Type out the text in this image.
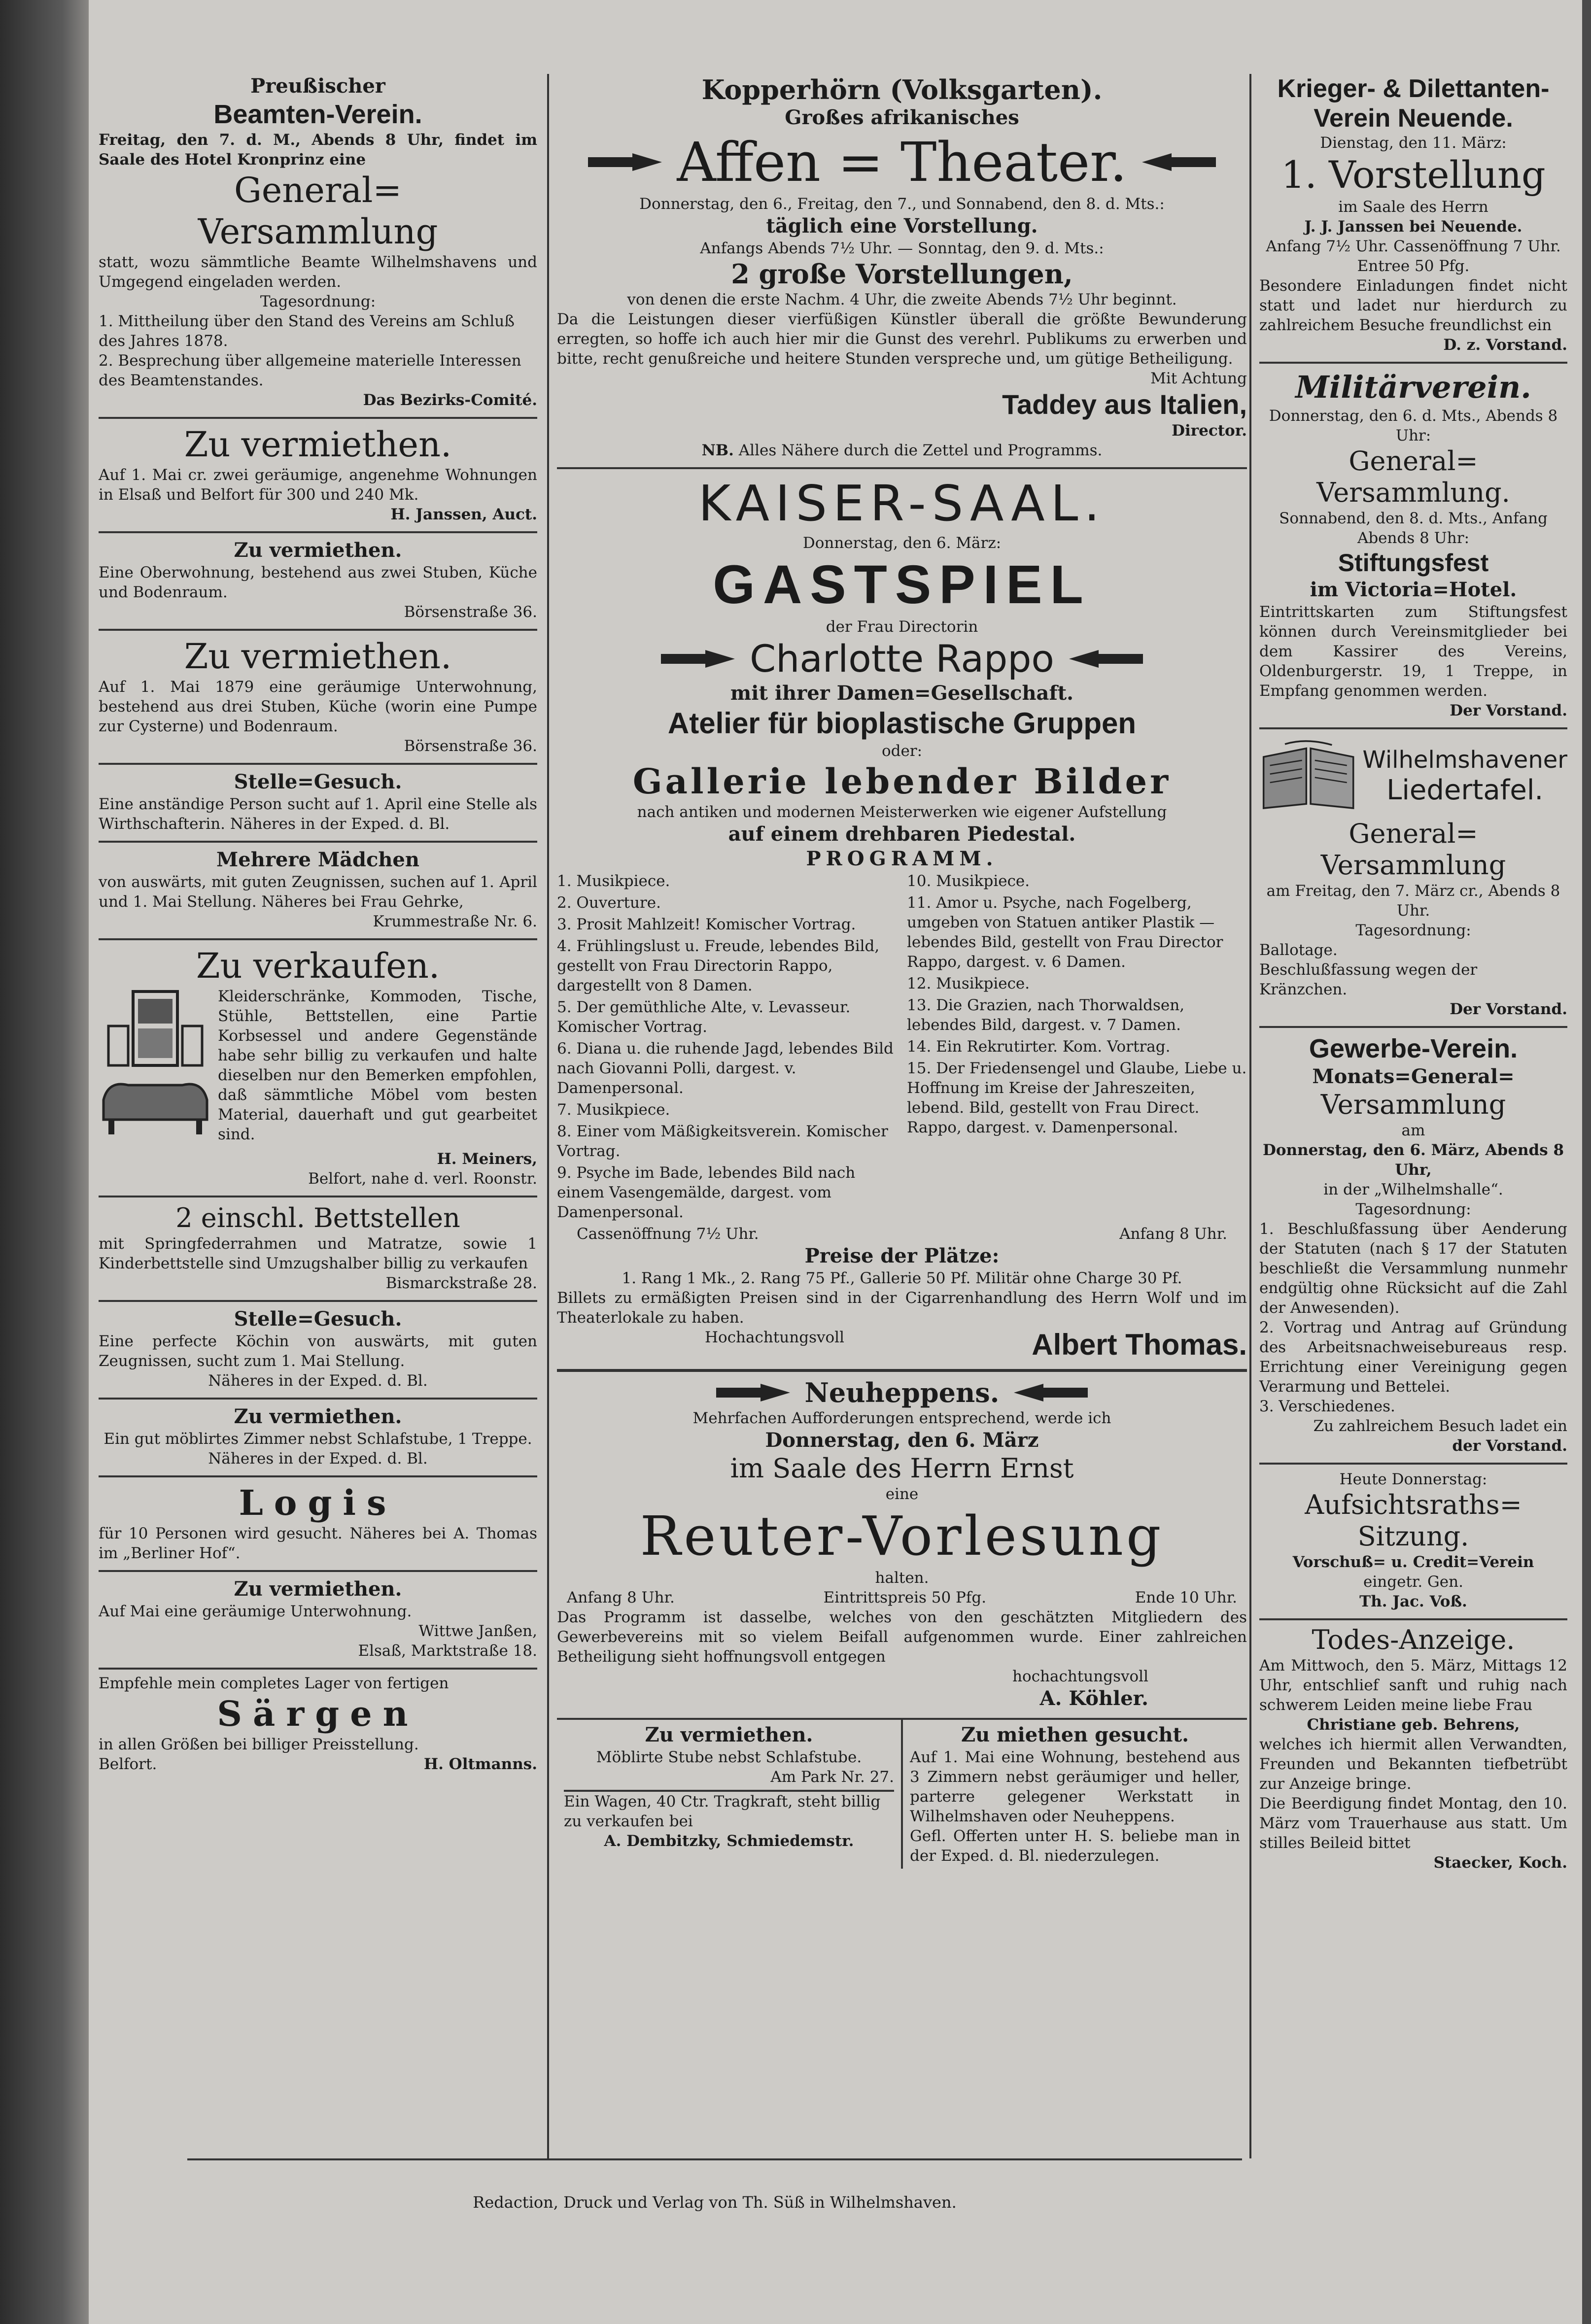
Preußischer
Beamten-Verein.
Freitag, den 7. d. M., Abends 8 Uhr, findet im Saale des Hotel Kronprinz eine
General=
Versammlung
statt, wozu sämmtliche Beamte Wilhelmshavens und Umgegend eingeladen werden.
Tagesordnung:
1. Mittheilung über den Stand des Vereins am Schluß des Jahres 1878.
2. Besprechung über allgemeine materielle Interessen des Beamtenstandes.
Das Bezirks-Comité.
Zu vermiethen.
Auf 1. Mai cr. zwei geräumige, angenehme Wohnungen in Elsaß und Belfort für 300 und 240 Mk.
H. Janssen, Auct.
Zu vermiethen.
Eine Oberwohnung, bestehend aus zwei Stuben, Küche und Bodenraum.
Börsenstraße 36.
Zu vermiethen.
Auf 1. Mai 1879 eine geräumige Unterwohnung, bestehend aus drei Stuben, Küche (worin eine Pumpe zur Cysterne) und Bodenraum.
Börsenstraße 36.
Stelle=Gesuch.
Eine anständige Person sucht auf 1. April eine Stelle als Wirthschafterin. Näheres in der Exped. d. Bl.
Mehrere Mädchen
von auswärts, mit guten Zeugnissen, suchen auf 1. April und 1. Mai Stellung. Näheres bei Frau Gehrke,
Krummestraße Nr. 6.
Zu verkaufen.
Kleiderschränke, Kommoden, Tische, Stühle, Bettstellen, eine Partie Korbsessel und andere Gegenstände habe sehr billig zu verkaufen und halte dieselben nur den Bemerken empfohlen, daß sämmtliche Möbel vom besten Material, dauerhaft und gut gearbeitet sind.
H. Meiners,
Belfort, nahe d. verl. Roonstr.
2 einschl. Bettstellen
mit Springfederrahmen und Matratze, sowie 1 Kinderbettstelle sind Umzugshalber billig zu verkaufen
Bismarckstraße 28.
Stelle=Gesuch.
Eine perfecte Köchin von auswärts, mit guten Zeugnissen, sucht zum 1. Mai Stellung.
Näheres in der Exped. d. Bl.
Zu vermiethen.
Ein gut möblirtes Zimmer nebst Schlafstube, 1 Treppe.
Näheres in der Exped. d. Bl.
Logis
für 10 Personen wird gesucht. Näheres bei A. Thomas im „Berliner Hof“.
Zu vermiethen.
Auf Mai eine geräumige Unterwohnung.
Wittwe Janßen,
Elsaß, Marktstraße 18.
Empfehle mein completes Lager von fertigen
Särgen
in allen Größen bei billiger Preisstellung.
Belfort.	H. Oltmanns.
Kopperhörn (Volksgarten).
Großes afrikanisches
Affen = Theater.
Donnerstag, den 6., Freitag, den 7., und Sonnabend, den 8. d. Mts.:
täglich eine Vorstellung.
Anfangs Abends 7½ Uhr. — Sonntag, den 9. d. Mts.:
2 große Vorstellungen,
von denen die erste Nachm. 4 Uhr, die zweite Abends 7½ Uhr beginnt.
Da die Leistungen dieser vierfüßigen Künstler überall die größte Bewunderung erregten, so hoffe ich auch hier mir die Gunst des verehrl. Publikums zu erwerben und bitte, recht genußreiche und heitere Stunden verspreche und, um gütige Betheiligung.
Mit Achtung
Taddey aus Italien,
Director.
NB. Alles Nähere durch die Zettel und Programms.
KAISER-SAAL.
Donnerstag, den 6. März:
GASTSPIEL
der Frau Directorin
Charlotte Rappo
mit ihrer Damen=Gesellschaft.
Atelier für bioplastische Gruppen
oder:
Gallerie lebender Bilder
nach antiken und modernen Meisterwerken wie eigener Aufstellung
auf einem drehbaren Piedestal.
PROGRAMM.
1. Musikpiece.
2. Ouverture.
3. Prosit Mahlzeit! Komischer Vortrag.
4. Frühlingslust u. Freude, lebendes Bild, gestellt von Frau Directorin Rappo, dargestellt von 8 Damen.
5. Der gemüthliche Alte, v. Levasseur. Komischer Vortrag.
6. Diana u. die ruhende Jagd, lebendes Bild nach Giovanni Polli, dargest. v. Damenpersonal.
7. Musikpiece.
8. Einer vom Mäßigkeitsverein. Komischer Vortrag.
9. Psyche im Bade, lebendes Bild nach einem Vasengemälde, dargest. vom Damenpersonal.
10. Musikpiece.
11. Amor u. Psyche, nach Fogelberg, umgeben von Statuen antiker Plastik — lebendes Bild, gestellt von Frau Director Rappo, dargest. v. 6 Damen.
12. Musikpiece.
13. Die Grazien, nach Thorwaldsen, lebendes Bild, dargest. v. 7 Damen.
14. Ein Rekrutirter. Kom. Vortrag.
15. Der Friedensengel und Glaube, Liebe u. Hoffnung im Kreise der Jahreszeiten, lebend. Bild, gestellt von Frau Direct. Rappo, dargest. v. Damenpersonal.
Cassenöffnung 7½ Uhr.	Anfang 8 Uhr.
Preise der Plätze:
1. Rang 1 Mk., 2. Rang 75 Pf., Gallerie 50 Pf. Militär ohne Charge 30 Pf.
Billets zu ermäßigten Preisen sind in der Cigarrenhandlung des Herrn Wolf und im Theaterlokale zu haben.
Hochachtungsvoll	Albert Thomas.
Neuheppens.
Mehrfachen Aufforderungen entsprechend, werde ich
Donnerstag, den 6. März
im Saale des Herrn Ernst
eine
Reuter-Vorlesung
halten.
Anfang 8 Uhr.	Eintrittspreis 50 Pfg.	Ende 10 Uhr.
Das Programm ist dasselbe, welches von den geschätzten Mitgliedern des Gewerbevereins mit so vielem Beifall aufgenommen wurde. Einer zahlreichen Betheiligung sieht hoffnungsvoll entgegen
hochachtungsvoll
A. Köhler.
Zu vermiethen.
Möblirte Stube nebst Schlafstube.
Am Park Nr. 27.
Ein Wagen, 40 Ctr. Tragkraft, steht billig zu verkaufen bei
A. Dembitzky, Schmiedemstr.
Zu miethen gesucht.
Auf 1. Mai eine Wohnung, bestehend aus 3 Zimmern nebst geräumiger und heller, parterre gelegener Werkstatt in Wilhelmshaven oder Neuheppens.
Gefl. Offerten unter H. S. beliebe man in der Exped. d. Bl. niederzulegen.
Krieger- & Dilettanten-
Verein Neuende.
Dienstag, den 11. März:
1. Vorstellung
im Saale des Herrn
J. J. Janssen bei Neuende.
Anfang 7½ Uhr. Cassenöffnung 7 Uhr. Entree 50 Pfg.
Besondere Einladungen findet nicht statt und ladet nur hierdurch zu zahlreichem Besuche freundlichst ein
D. z. Vorstand.
Militärverein.
Donnerstag, den 6. d. Mts., Abends 8 Uhr:
General=
Versammlung.
Sonnabend, den 8. d. Mts., Anfang Abends 8 Uhr:
Stiftungsfest
im Victoria=Hotel.
Eintrittskarten zum Stiftungsfest können durch Vereinsmitglieder bei dem Kassirer des Vereins, Oldenburgerstr. 19, 1 Treppe, in Empfang genommen werden.
Der Vorstand.
Wilhelmshavener
Liedertafel.
General=
Versammlung
am Freitag, den 7. März cr., Abends 8 Uhr.
Tagesordnung:
Ballotage.
Beschlußfassung wegen der Kränzchen.
Der Vorstand.
Gewerbe-Verein.
Monats=General=
Versammlung
am
Donnerstag, den 6. März, Abends 8 Uhr,
in der „Wilhelmshalle“.
Tagesordnung:
1. Beschlußfassung über Aenderung der Statuten (nach § 17 der Statuten beschließt die Versammlung nunmehr endgültig ohne Rücksicht auf die Zahl der Anwesenden).
2. Vortrag und Antrag auf Gründung des Arbeitsnachweisebureaus resp. Errichtung einer Vereinigung gegen Verarmung und Bettelei.
3. Verschiedenes.
Zu zahlreichem Besuch ladet ein
der Vorstand.
Heute Donnerstag:
Aufsichtsraths=
Sitzung.
Vorschuß= u. Credit=Verein
eingetr. Gen.
Th. Jac. Voß.
Todes-Anzeige.
Am Mittwoch, den 5. März, Mittags 12 Uhr, entschlief sanft und ruhig nach schwerem Leiden meine liebe Frau
Christiane geb. Behrens,
welches ich hiermit allen Verwandten, Freunden und Bekannten tiefbetrübt zur Anzeige bringe.
Die Beerdigung findet Montag, den 10. März vom Trauerhause aus statt. Um stilles Beileid bittet
Staecker, Koch.
Redaction, Druck und Verlag von Th. Süß in Wilhelmshaven.
